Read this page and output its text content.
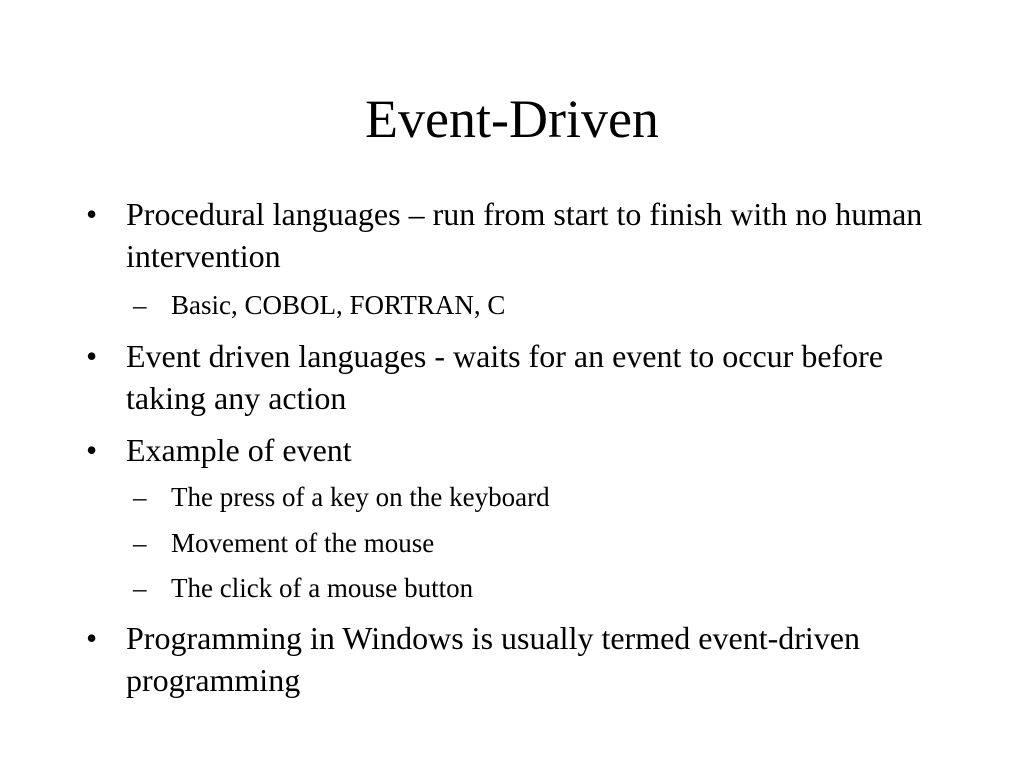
Event-Driven
• Procedural languages – run from start to finish with no human intervention
– Basic, COBOL, FORTRAN, C
• Event driven languages - waits for an event to occur before taking any action
• Example of event
– The press of a key on the keyboard
– Movement of the mouse
– The click of a mouse button
• Programming in Windows is usually termed event-driven programming
